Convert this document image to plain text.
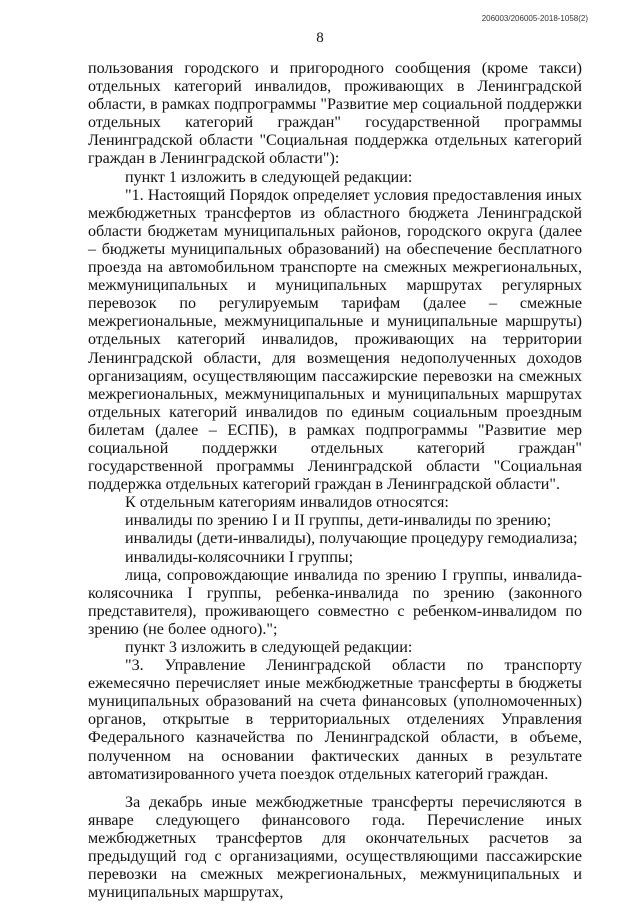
206003/206005-2018-1058(2)
8

пользования городского и пригородного сообщения (кроме такси) отдельных категорий инвалидов, проживающих в Ленинградской области, в рамках подпрограммы "Развитие мер социальной поддержки отдельных категорий граждан" государственной программы Ленинградской области "Социальная поддержка отдельных категорий граждан в Ленинградской области"):

пункт 1 изложить в следующей редакции:

"1. Настоящий Порядок определяет условия предоставления иных межбюджетных трансфертов из областного бюджета Ленинградской области бюджетам муниципальных районов, городского округа (далее – бюджеты муниципальных образований) на обеспечение бесплатного проезда на автомобильном транспорте на смежных межрегиональных, межмуниципальных и муниципальных маршрутах регулярных перевозок по регулируемым тарифам (далее – смежные межрегиональные, межмуниципальные и муниципальные маршруты) отдельных категорий инвалидов, проживающих на территории Ленинградской области, для возмещения недополученных доходов организациям, осуществляющим пассажирские перевозки на смежных межрегиональных, межмуниципальных и муниципальных маршрутах отдельных категорий инвалидов по единым социальным проездным билетам (далее – ЕСПБ), в рамках подпрограммы "Развитие мер социальной поддержки отдельных категорий граждан" государственной программы Ленинградской области "Социальная поддержка отдельных категорий граждан в Ленинградской области".

К отдельным категориям инвалидов относятся:

инвалиды по зрению I и II группы, дети-инвалиды по зрению;

инвалиды (дети-инвалиды), получающие процедуру гемодиализа;

инвалиды-колясочники I группы;

лица, сопровождающие инвалида по зрению I группы, инвалида-колясочника I группы, ребенка-инвалида по зрению (законного представителя), проживающего совместно с ребенком-инвалидом по зрению (не более одного).";

пункт 3 изложить в следующей редакции:

"3. Управление Ленинградской области по транспорту ежемесячно перечисляет иные межбюджетные трансферты в бюджеты муниципальных образований на счета финансовых (уполномоченных) органов, открытые в территориальных отделениях Управления Федерального казначейства по Ленинградской области, в объеме, полученном на основании фактических данных в результате автоматизированного учета поездок отдельных категорий граждан.

За декабрь иные межбюджетные трансферты перечисляются в январе следующего финансового года. Перечисление иных межбюджетных трансфертов для окончательных расчетов за предыдущий год с организациями, осуществляющими пассажирские перевозки на смежных межрегиональных, межмуниципальных и муниципальных маршрутах,
